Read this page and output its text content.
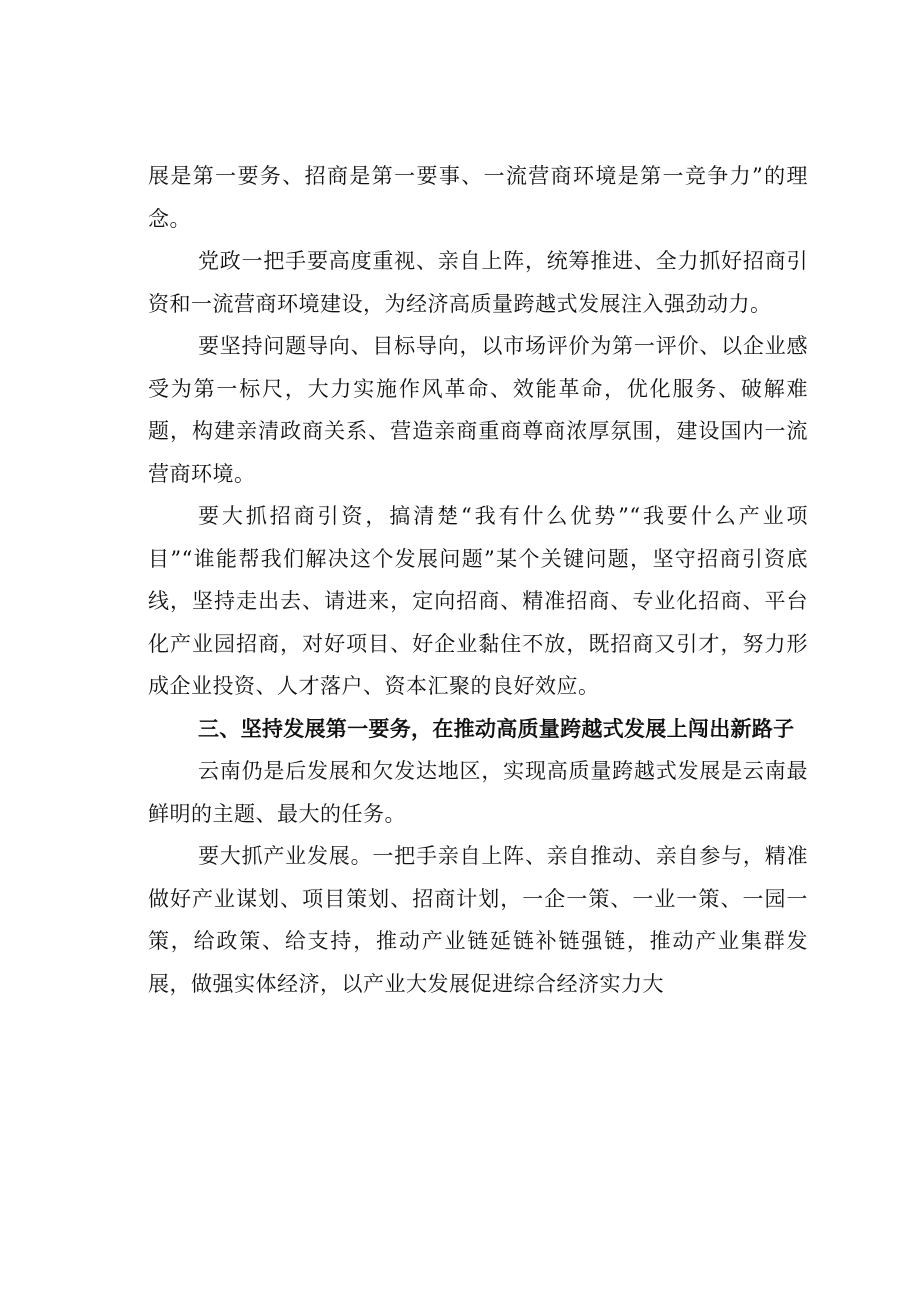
展是第一要务、招商是第一要事、一流营商环境是第一竞争力”的理念。

党政一把手要高度重视、亲自上阵，统筹推进、全力抓好招商引资和一流营商环境建设，为经济高质量跨越式发展注入强劲动力。

要坚持问题导向、目标导向，以市场评价为第一评价、以企业感受为第一标尺，大力实施作风革命、效能革命，优化服务、破解难题，构建亲清政商关系、营造亲商重商尊商浓厚氛围，建设国内一流营商环境。

要大抓招商引资，搞清楚“我有什么优势”“我要什么产业项目”“谁能帮我们解决这个发展问题”某个关键问题，坚守招商引资底线，坚持走出去、请进来，定向招商、精准招商、专业化招商、平台化产业园招商，对好项目、好企业黏住不放，既招商又引才，努力形成企业投资、人才落户、资本汇聚的良好效应。

三、坚持发展第一要务，在推动高质量跨越式发展上闯出新路子

云南仍是后发展和欠发达地区，实现高质量跨越式发展是云南最鲜明的主题、最大的任务。

要大抓产业发展。一把手亲自上阵、亲自推动、亲自参与，精准做好产业谋划、项目策划、招商计划，一企一策、一业一策、一园一策，给政策、给支持，推动产业链延链补链强链，推动产业集群发展，做强实体经济，以产业大发展促进综合经济实力大
